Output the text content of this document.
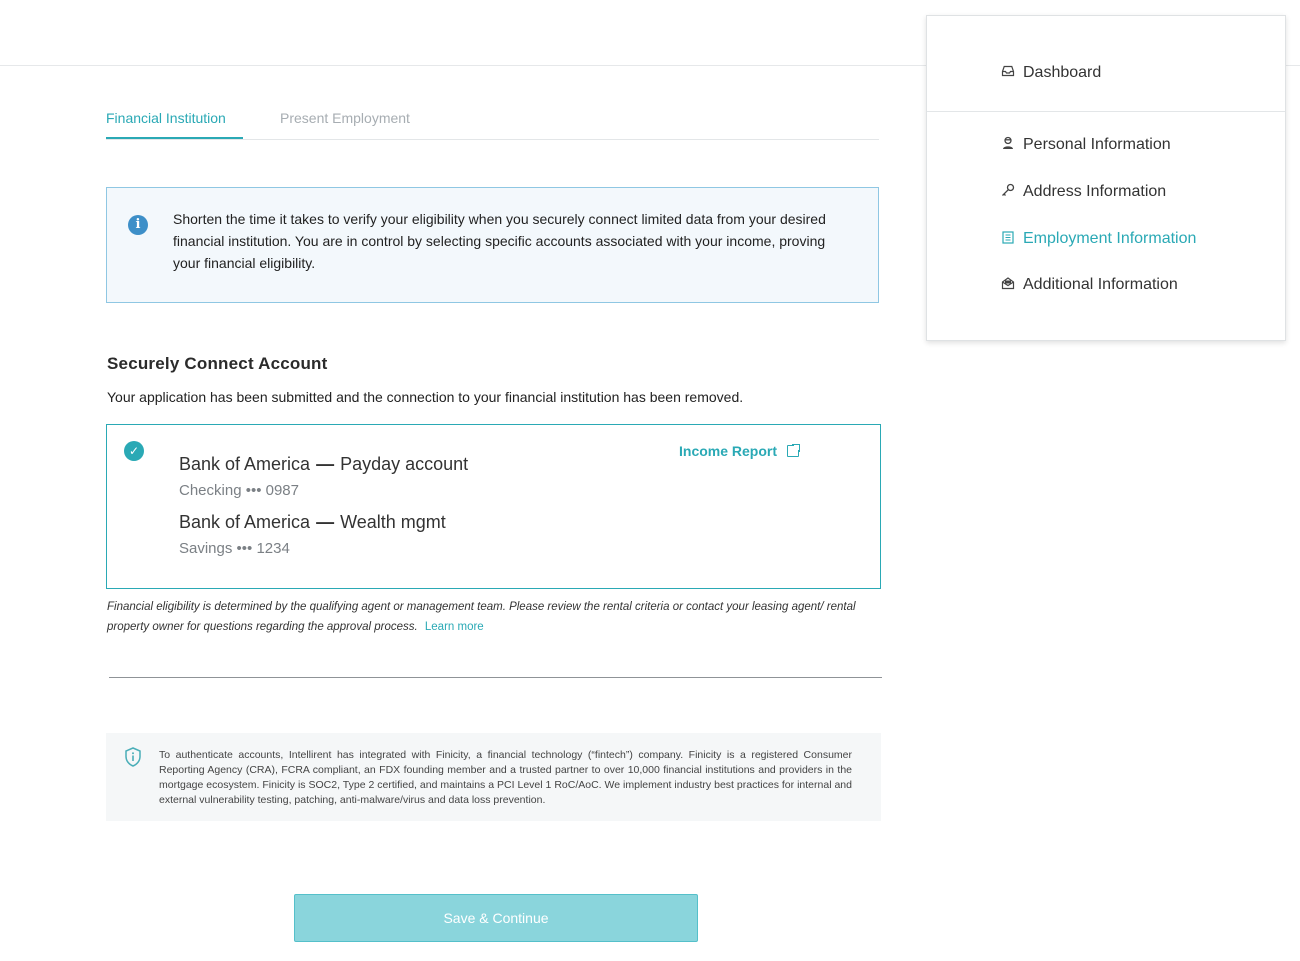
Financial Institution	Present Employment
i	Shorten the time it takes to verify your eligibility when you securely connect limited data from your desired financial institution. You are in control by selecting specific accounts associated with your income, proving your financial eligibility.
Securely Connect Account
Your application has been submitted and the connection to your financial institution has been removed.
✓
Bank of America — Payday account
Checking ••• 0987
Bank of America — Wealth mgmt
Savings ••• 1234
Income Report
Financial eligibility is determined by the qualifying agent or management team. Please review the rental criteria or contact your leasing agent/ rental property owner for questions regarding the approval process. Learn more
To authenticate accounts, Intellirent has integrated with Finicity, a financial technology (“fintech”) company. Finicity is a registered Consumer Reporting Agency (CRA), FCRA compliant, an FDX founding member and a trusted partner to over 10,000 financial institutions and providers in the mortgage ecosystem. Finicity is SOC2, Type 2 certified, and maintains a PCI Level 1 RoC/AoC. We implement industry best practices for internal and external vulnerability testing, patching, anti-malware/virus and data loss prevention.
Save & Continue
Dashboard
Personal Information
Address Information
Employment Information
Additional Information
